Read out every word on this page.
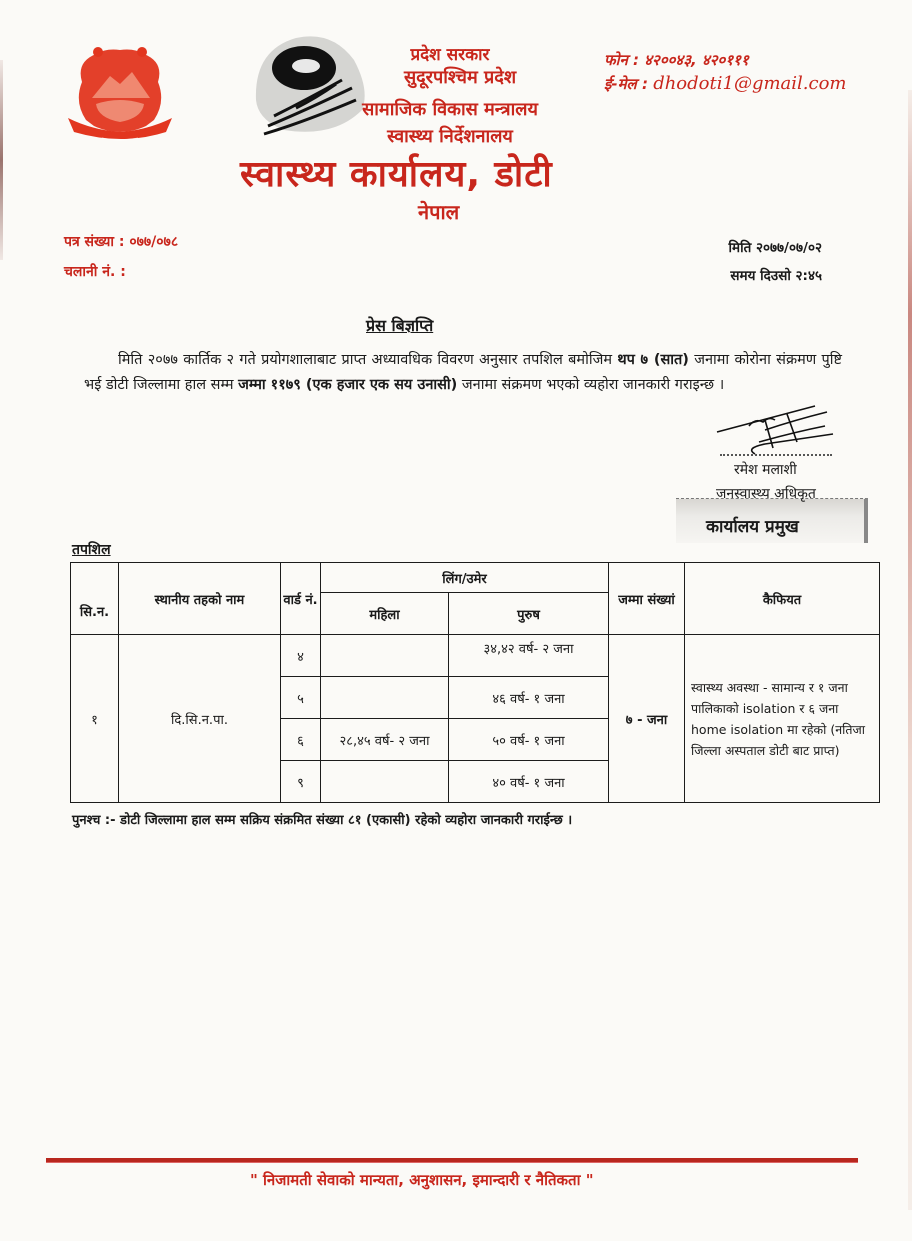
प्रदेश सरकार
सुदूरपश्चिम प्रदेश
सामाजिक विकास मन्त्रालय
स्वास्थ्य निर्देशनालय
स्वास्थ्य कार्यालय, डोटी
नेपाल
फोन : ४२००४३, ४२०१११
ई-मेल : dhodoti1@gmail.com
पत्र संख्या : ०७७/०७८
चलानी नं. :
मिति २०७७/०७/०२
समय दिउसो २:४५
प्रेस बिज्ञप्ति
मिति २०७७ कार्तिक २ गते प्रयोगशालाबाट प्राप्त अध्यावधिक विवरण अनुसार तपशिल बमोजिम थप ७ (सात) जनामा कोरोना संक्रमण पुष्टि भई डोटी जिल्लामा हाल सम्म जम्मा ११७९ (एक हजार एक सय उनासी) जनामा संक्रमण भएको व्यहोरा जानकारी गराइन्छ ।
रमेश मलाशी
जनस्वास्थ्य अधिकृत
कार्यालय प्रमुख
तपशिल
सि.न.	स्थानीय तहको नाम	वार्ड नं.	लिंग/उमेर		जम्मा संख्यां	कैफियत
			महिला	पुरुष		
१	दि.सि.न.पा.	४		३४,४२ वर्ष- २ जना	७ - जना	स्वास्थ्य अवस्था - सामान्य र १ जना पालिकाको isolation र ६ जना home isolation मा रहेको (नतिजा जिल्ला अस्पताल डोटी बाट प्राप्त)
		५		४६ वर्ष- १ जना		
		६	२८,४५ वर्ष- २ जना	५० वर्ष- १ जना		
		९		४० वर्ष- १ जना		
पुनश्च :- डोटी जिल्लामा हाल सम्म सक्रिय संक्रमित संख्या ८१ (एकासी) रहेको व्यहोरा जानकारी गराईन्छ ।
" निजामती सेवाको मान्यता, अनुशासन, इमान्दारी र नैतिकता "
